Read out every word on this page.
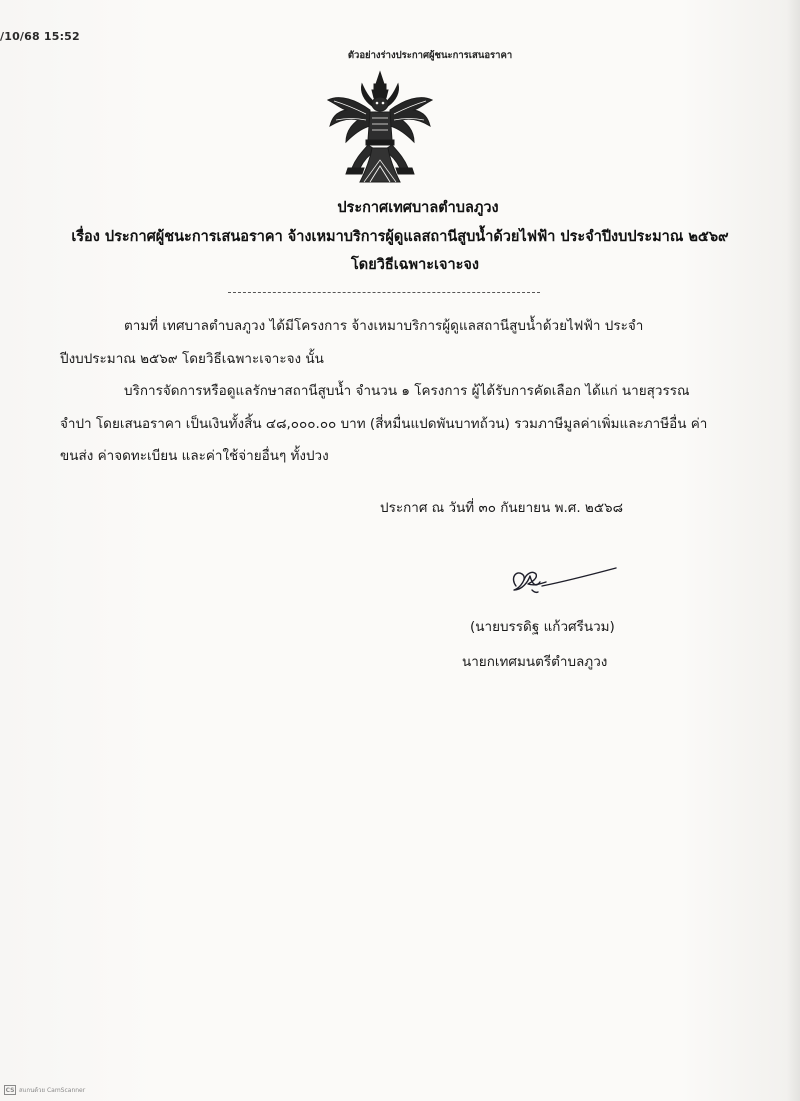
/10/68 15:52
ตัวอย่างร่างประกาศผู้ชนะการเสนอราคา
ประกาศเทศบาลตำบลภูวง
เรื่อง ประกาศผู้ชนะการเสนอราคา จ้างเหมาบริการผู้ดูแลสถานีสูบน้ำด้วยไฟฟ้า ประจำปีงบประมาณ ๒๕๖๙
โดยวิธีเฉพาะเจาะจง
ตามที่ เทศบาลตำบลภูวง ได้มีโครงการ จ้างเหมาบริการผู้ดูแลสถานีสูบน้ำด้วยไฟฟ้า ประจำ
ปีงบประมาณ ๒๕๖๙ โดยวิธีเฉพาะเจาะจง นั้น
บริการจัดการหรือดูแลรักษาสถานีสูบน้ำ จำนวน ๑ โครงการ ผู้ได้รับการคัดเลือก ได้แก่ นายสุวรรณ
จำปา โดยเสนอราคา เป็นเงินทั้งสิ้น ๔๘,๐๐๐.๐๐ บาท (สี่หมื่นแปดพันบาทถ้วน) รวมภาษีมูลค่าเพิ่มและภาษีอื่น ค่า
ขนส่ง ค่าจดทะเบียน และค่าใช้จ่ายอื่นๆ ทั้งปวง
ประกาศ ณ วันที่ ๓๐ กันยายน พ.ศ. ๒๕๖๘
(นายบรรดิฐ แก้วศรีนวม)
นายกเทศมนตรีตำบลภูวง
CS สแกนด้วย CamScanner
